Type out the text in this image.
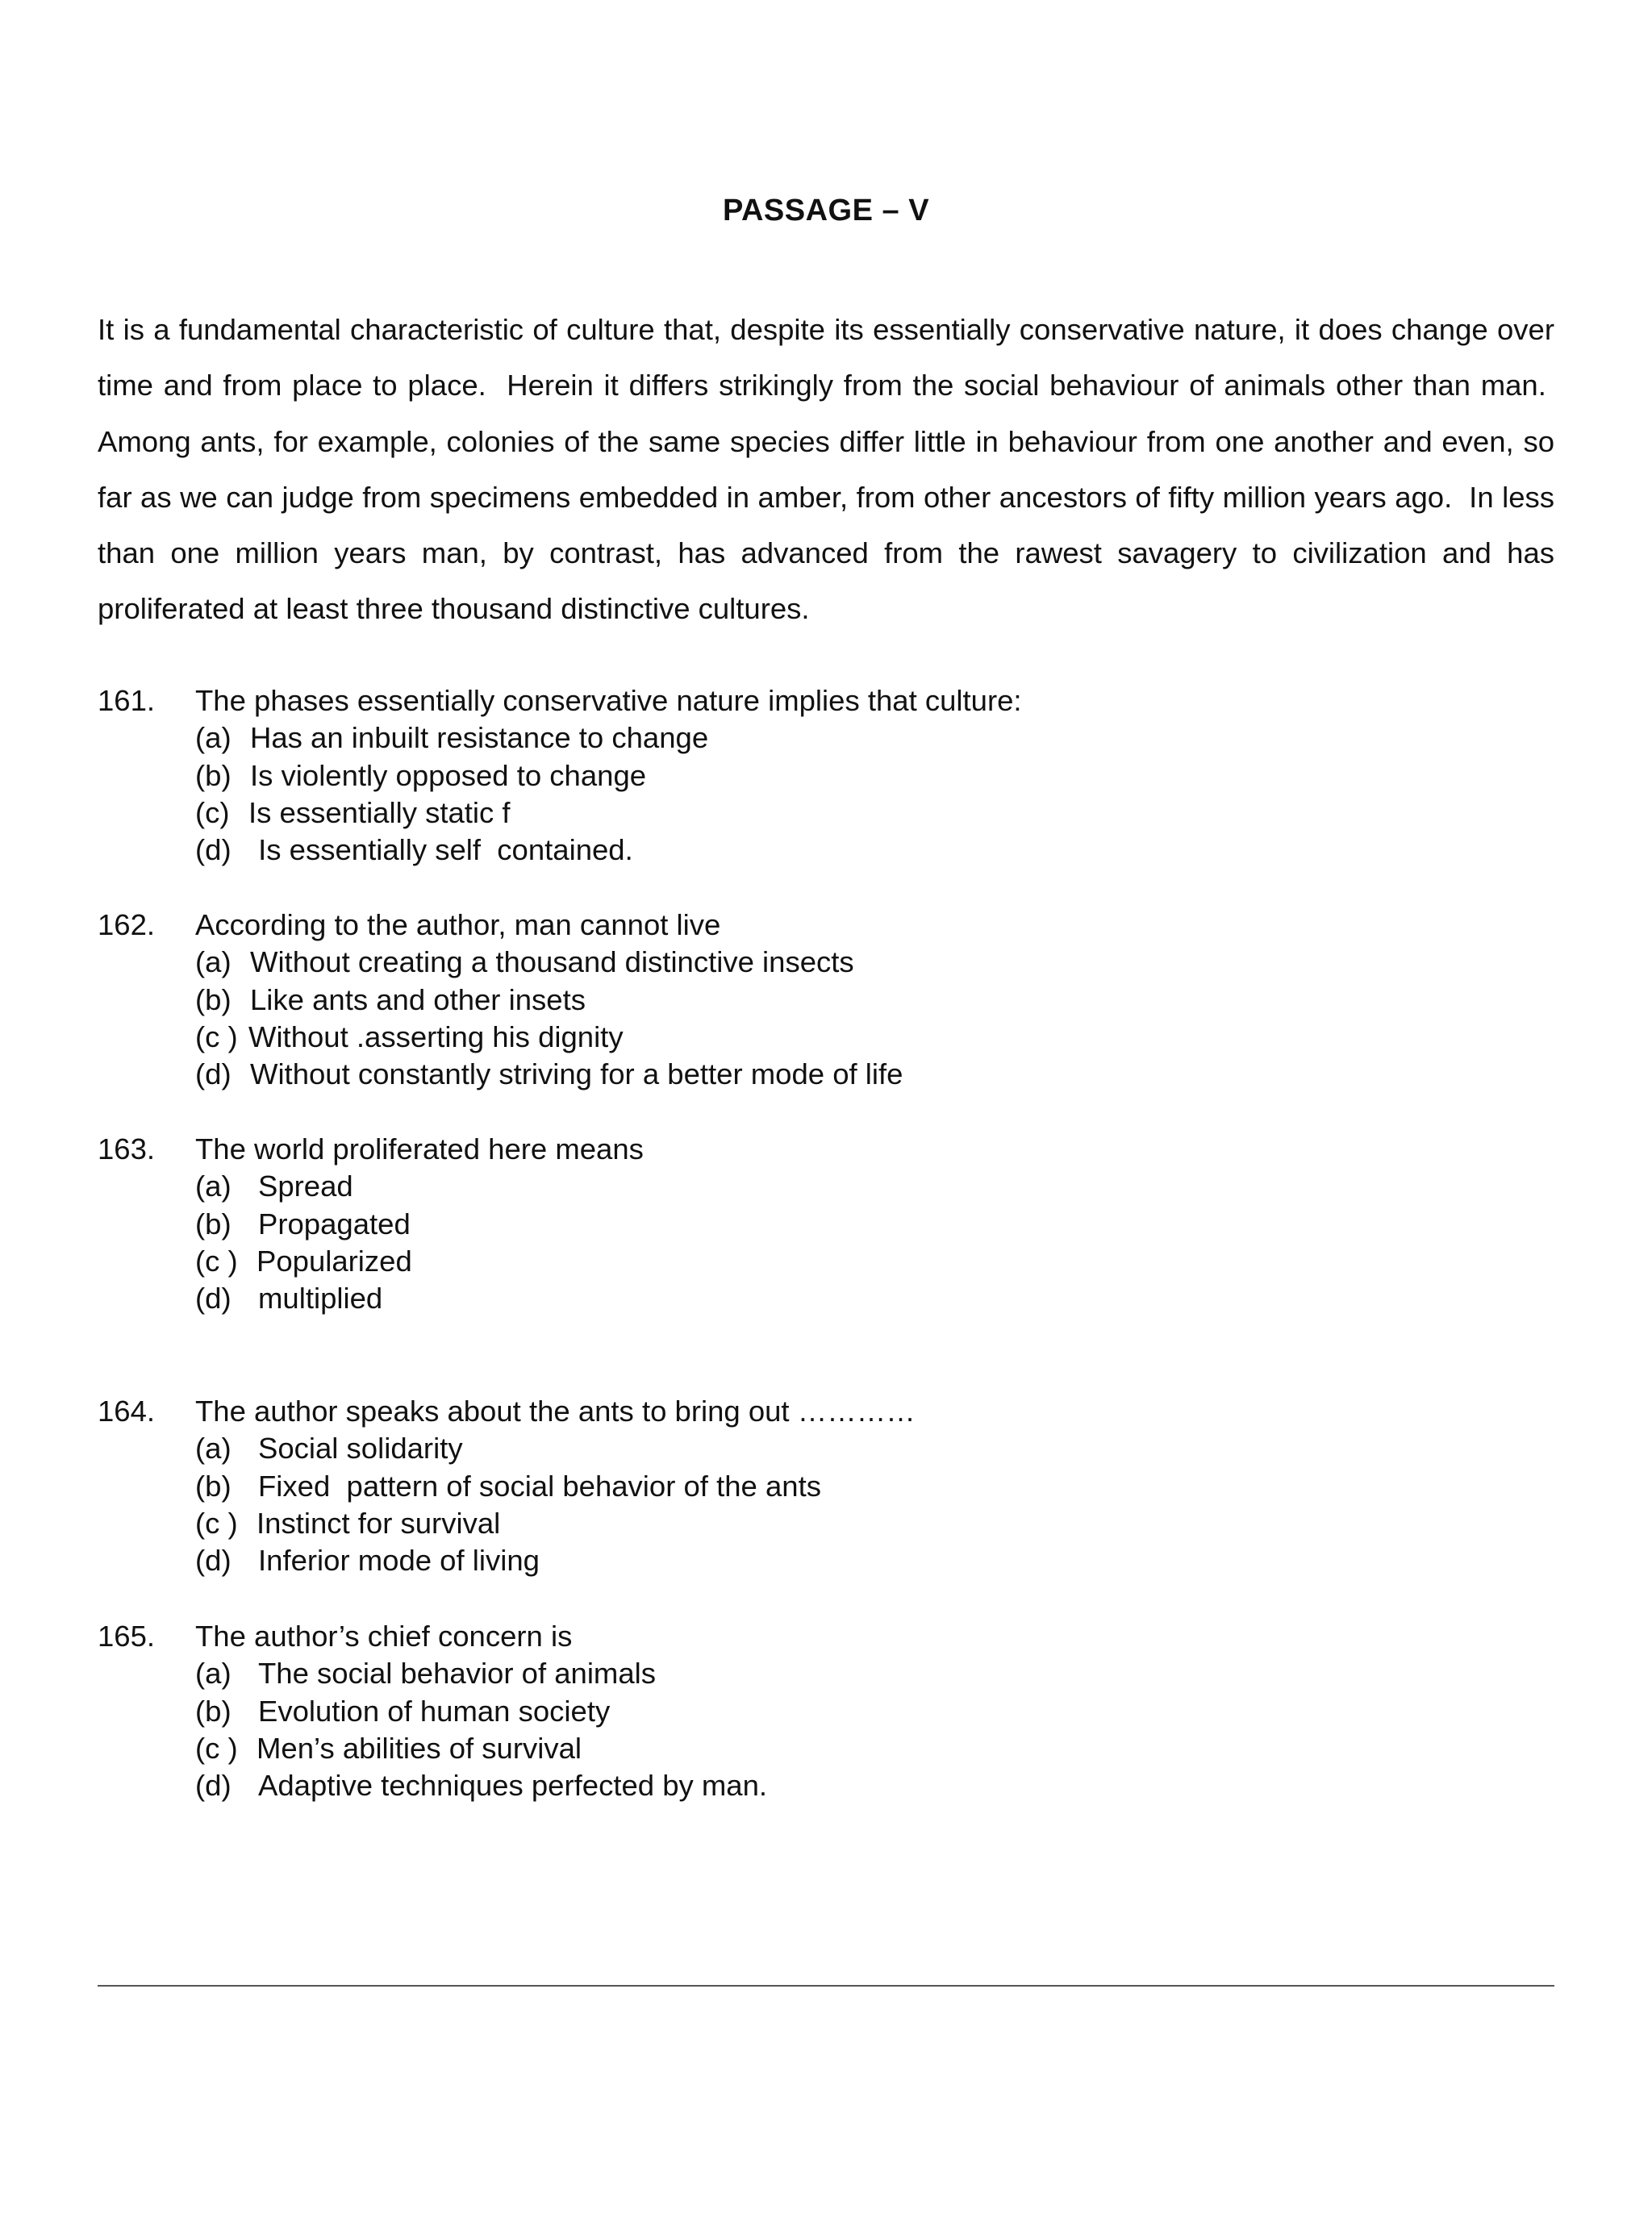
PASSAGE – V

It is a fundamental characteristic of culture that, despite its essentially conservative nature, it does change over time and from place to place.  Herein it differs strikingly from the social behaviour of animals other than man.  Among ants, for example, colonies of the same species differ little in behaviour from one another and even, so far as we can judge from specimens embedded in amber, from other ancestors of fifty million years ago.  In less than one million years man, by contrast, has advanced from the rawest savagery to civilization and has proliferated at least three thousand distinctive cultures.

161. The phases essentially conservative nature implies that culture:
(a) Has an inbuilt resistance to change
(b) Is violently opposed to change
(c) Is essentially static f
(d) Is essentially self  contained.
162. According to the author, man cannot live
(a) Without creating a thousand distinctive insects
(b) Like ants and other insets
(c ) Without .asserting his dignity
(d) Without constantly striving for a better mode of life
163. The world proliferated here means
(a) Spread
(b) Propagated
(c ) Popularized
(d) multiplied
164. The author speaks about the ants to bring out …………
(a) Social solidarity
(b) Fixed  pattern of social behavior of the ants
(c ) Instinct for survival
(d) Inferior mode of living
165. The author’s chief concern is
(a) The social behavior of animals
(b) Evolution of human society
(c ) Men’s abilities of survival
(d) Adaptive techniques perfected by man.
